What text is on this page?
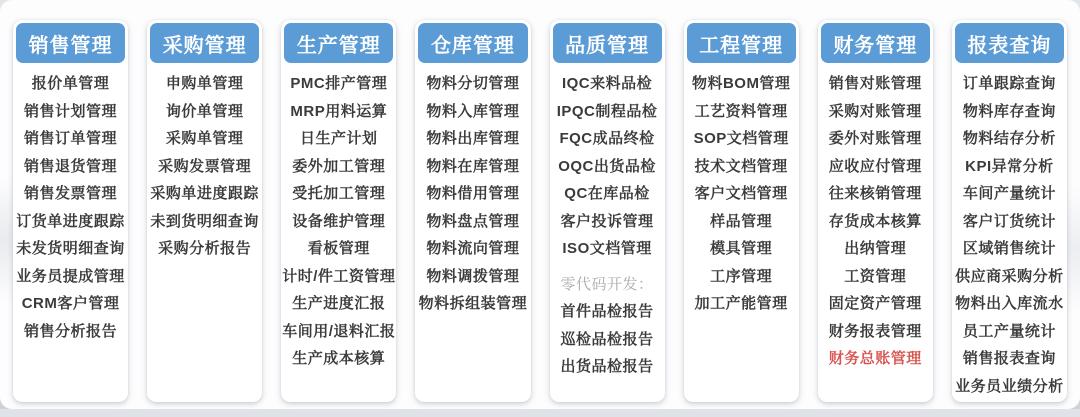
销售管理
报价单管理
销售计划管理
销售订单管理
销售退货管理
销售发票管理
订货单进度跟踪
未发货明细查询
业务员提成管理
CRM客户管理
销售分析报告
采购管理
申购单管理
询价单管理
采购单管理
采购发票管理
采购单进度跟踪
未到货明细查询
采购分析报告
生产管理
PMC排产管理
MRP用料运算
日生产计划
委外加工管理
受托加工管理
设备维护管理
看板管理
计时/件工资管理
生产进度汇报
车间用/退料汇报
生产成本核算
仓库管理
物料分切管理
物料入库管理
物料出库管理
物料在库管理
物料借用管理
物料盘点管理
物料流向管理
物料调拨管理
物料拆组装管理
品质管理
IQC来料品检
IPQC制程品检
FQC成品终检
OQC出货品检
QC在库品检
客户投诉管理
ISO文档管理
零代码开发：
首件品检报告
巡检品检报告
出货品检报告
工程管理
物料BOM管理
工艺资料管理
SOP文档管理
技术文档管理
客户文档管理
样品管理
模具管理
工序管理
加工产能管理
财务管理
销售对账管理
采购对账管理
委外对账管理
应收应付管理
往来核销管理
存货成本核算
出纳管理
工资管理
固定资产管理
财务报表管理
财务总账管理
报表查询
订单跟踪查询
物料库存查询
物料结存分析
KPI异常分析
车间产量统计
客户订货统计
区域销售统计
供应商采购分析
物料出入库流水
员工产量统计
销售报表查询
业务员业绩分析
